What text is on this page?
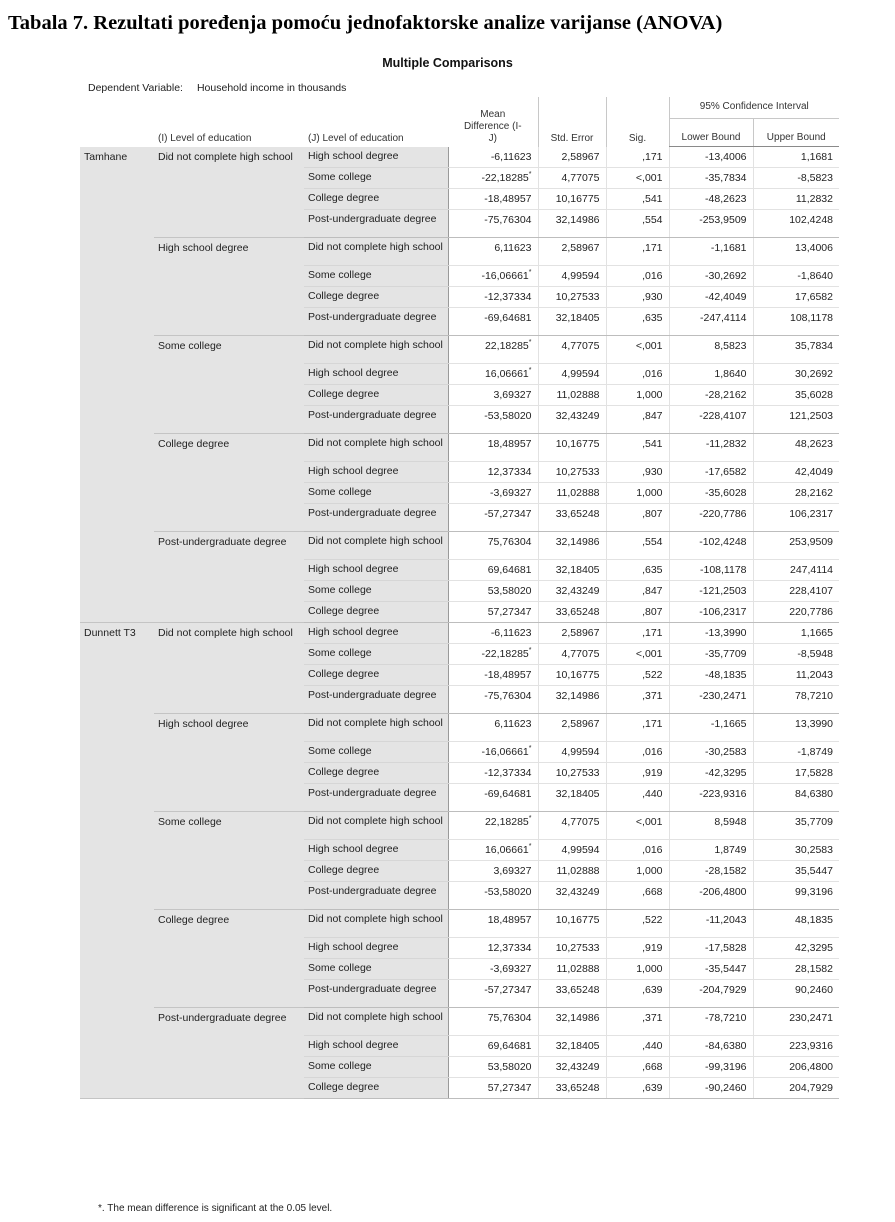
Tabala 7. Rezultati poređenja pomoću jednofaktorske analize varijanse (ANOVA)
Multiple Comparisons
Dependent Variable: Household income in thousands
	(I) Level of education	(J) Level of education	Mean Difference (I-J)	Std. Error	Sig.	95% Confidence Interval	
						Lower Bound	Upper Bound
Tamhane	Did not complete high school	High school degree	-6,11623	2,58967	,171	-13,4006	1,1681
		Some college	-22,18285*	4,77075	<,001	-35,7834	-8,5823
		College degree	-18,48957	10,16775	,541	-48,2623	11,2832
		Post-undergraduate degree	-75,76304	32,14986	,554	-253,9509	102,4248
	High school degree	Did not complete high school	6,11623	2,58967	,171	-1,1681	13,4006
		Some college	-16,06661*	4,99594	,016	-30,2692	-1,8640
		College degree	-12,37334	10,27533	,930	-42,4049	17,6582
		Post-undergraduate degree	-69,64681	32,18405	,635	-247,4114	108,1178
	Some college	Did not complete high school	22,18285*	4,77075	<,001	8,5823	35,7834
		High school degree	16,06661*	4,99594	,016	1,8640	30,2692
		College degree	3,69327	11,02888	1,000	-28,2162	35,6028
		Post-undergraduate degree	-53,58020	32,43249	,847	-228,4107	121,2503
	College degree	Did not complete high school	18,48957	10,16775	,541	-11,2832	48,2623
		High school degree	12,37334	10,27533	,930	-17,6582	42,4049
		Some college	-3,69327	11,02888	1,000	-35,6028	28,2162
		Post-undergraduate degree	-57,27347	33,65248	,807	-220,7786	106,2317
	Post-undergraduate degree	Did not complete high school	75,76304	32,14986	,554	-102,4248	253,9509
		High school degree	69,64681	32,18405	,635	-108,1178	247,4114
		Some college	53,58020	32,43249	,847	-121,2503	228,4107
		College degree	57,27347	33,65248	,807	-106,2317	220,7786
Dunnett T3	Did not complete high school	High school degree	-6,11623	2,58967	,171	-13,3990	1,1665
		Some college	-22,18285*	4,77075	<,001	-35,7709	-8,5948
		College degree	-18,48957	10,16775	,522	-48,1835	11,2043
		Post-undergraduate degree	-75,76304	32,14986	,371	-230,2471	78,7210
	High school degree	Did not complete high school	6,11623	2,58967	,171	-1,1665	13,3990
		Some college	-16,06661*	4,99594	,016	-30,2583	-1,8749
		College degree	-12,37334	10,27533	,919	-42,3295	17,5828
		Post-undergraduate degree	-69,64681	32,18405	,440	-223,9316	84,6380
	Some college	Did not complete high school	22,18285*	4,77075	<,001	8,5948	35,7709
		High school degree	16,06661*	4,99594	,016	1,8749	30,2583
		College degree	3,69327	11,02888	1,000	-28,1582	35,5447
		Post-undergraduate degree	-53,58020	32,43249	,668	-206,4800	99,3196
	College degree	Did not complete high school	18,48957	10,16775	,522	-11,2043	48,1835
		High school degree	12,37334	10,27533	,919	-17,5828	42,3295
		Some college	-3,69327	11,02888	1,000	-35,5447	28,1582
		Post-undergraduate degree	-57,27347	33,65248	,639	-204,7929	90,2460
	Post-undergraduate degree	Did not complete high school	75,76304	32,14986	,371	-78,7210	230,2471
		High school degree	69,64681	32,18405	,440	-84,6380	223,9316
		Some college	53,58020	32,43249	,668	-99,3196	206,4800
		College degree	57,27347	33,65248	,639	-90,2460	204,7929
*. The mean difference is significant at the 0.05 level.
